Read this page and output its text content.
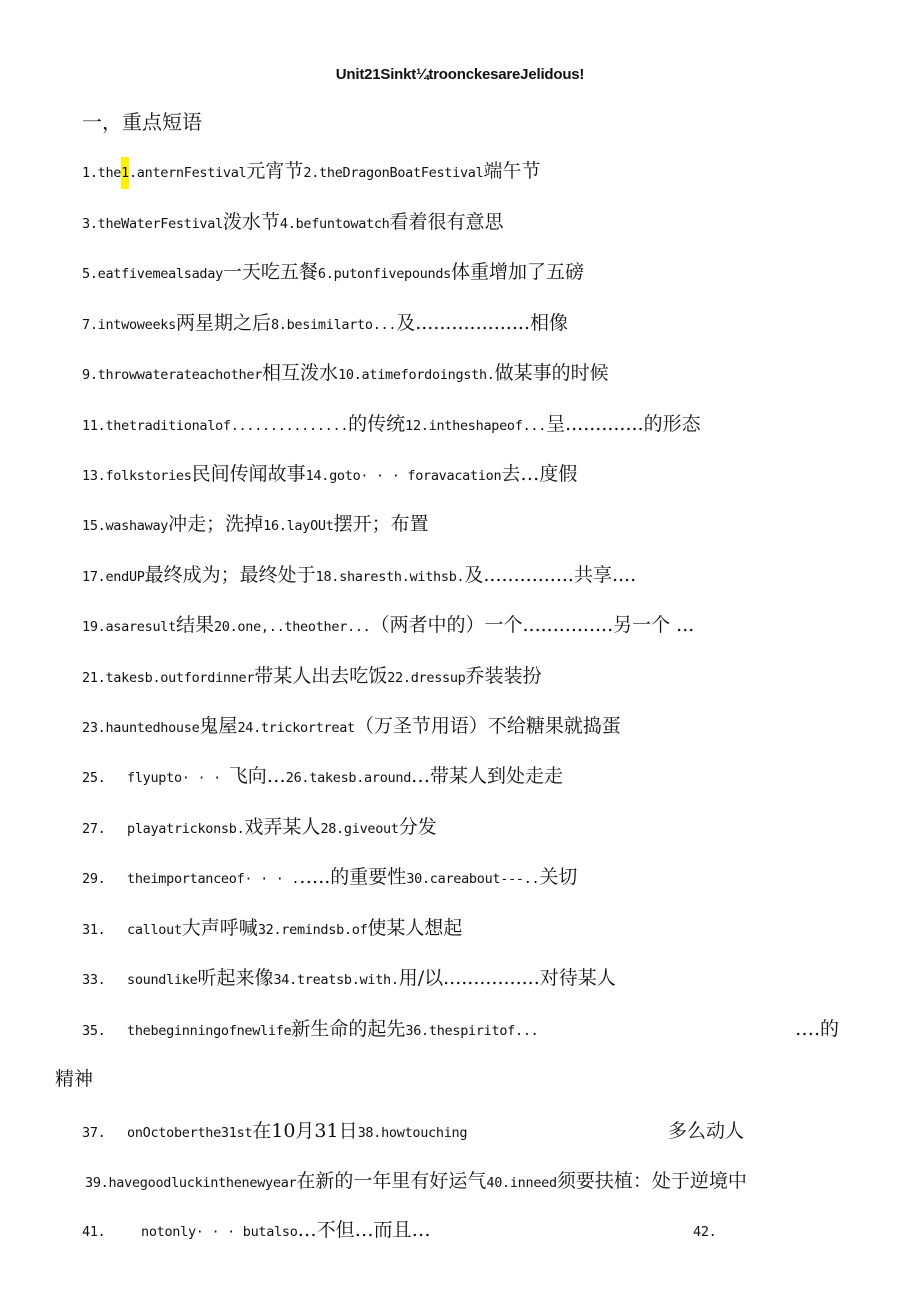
Unit21Sinkt¼troonckesareJelidous!
一，重点短语
1.the1.anternFestival元宵节2.theDragonBoatFestival端午节
3.theWaterFestival泼水节4.befuntowatch看着很有意思
5.eatfivemealsaday一天吃五餐6.putonfivepounds体重增加了五磅
7.intwoweeks两星期之后8.besimilarto...及...................相像
9.throwwaterateachother相互泼水10.atimefordoingsth.做某事的时候
11.thetraditionalof...............的传统12.intheshapeof...呈.............的形态
13.folkstories民间传闻故事14.goto· · · foravacation去…度假
15.washaway冲走；洗掉16.layOUt摆开；布置
17.endUP最终成为；最终处于18.sharesth.withsb.及...............共享....
19.asaresult结果20.one,..theother...（两者中的）一个...............另一个 ...
21.takesb.outfordinner带某人出去吃饭22.dressup乔装装扮
23.hauntedhouse鬼屋24.trickortreat（万圣节用语）不给糖果就捣蛋
25. flyupto· · · 飞向…26.takesb.around…带某人到处走走
27. playatrickonsb.戏弄某人28.giveout分发
29. theimportanceof· · · .…..的重要性30.careabout---..关切
31. callout大声呼喊32.remindsb.of使某人想起
33. soundlike听起来像34.treatsb.with.用/以................对待某人
35. thebeginningofnewlife新生命的起先36.thespiritof...	….的
精神
37. onOctoberthe31st在10月31日38.howtouching	多么动人
39.havegoodluckinthenewyear在新的一年里有好运气40.inneed须要扶植：处于逆境中
41.	notonly· · · butalso…不但…而且…	42.
